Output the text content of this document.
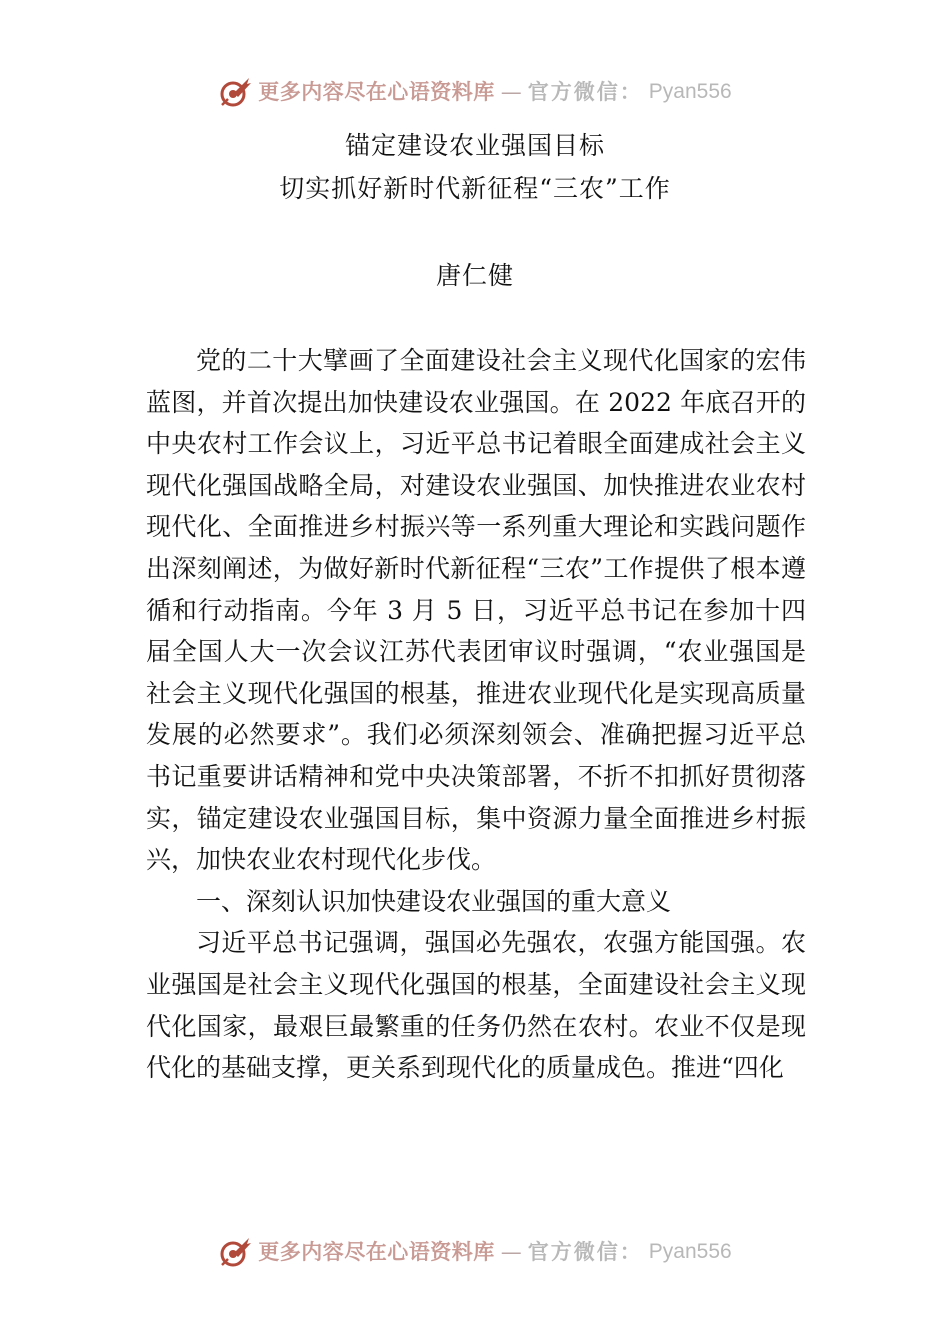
更多内容尽在心语资料库 — 官方微信： Pyan556
锚定建设农业强国目标
切实抓好新时代新征程“三农”工作
唐仁健

党的二十大擘画了全面建设社会主义现代化国家的宏伟蓝图，并首次提出加快建设农业强国。在 2022 年底召开的中央农村工作会议上，习近平总书记着眼全面建成社会主义现代化强国战略全局，对建设农业强国、加快推进农业农村现代化、全面推进乡村振兴等一系列重大理论和实践问题作出深刻阐述，为做好新时代新征程“三农”工作提供了根本遵循和行动指南。今年 3 月 5 日，习近平总书记在参加十四届全国人大一次会议江苏代表团审议时强调，“农业强国是社会主义现代化强国的根基，推进农业现代化是实现高质量发展的必然要求”。我们必须深刻领会、准确把握习近平总书记重要讲话精神和党中央决策部署，不折不扣抓好贯彻落实，锚定建设农业强国目标，集中资源力量全面推进乡村振兴，加快农业农村现代化步伐。

一、深刻认识加快建设农业强国的重大意义

习近平总书记强调，强国必先强农，农强方能国强。农业强国是社会主义现代化强国的根基，全面建设社会主义现代化国家，最艰巨最繁重的任务仍然在农村。农业不仅是现代化的基础支撑，更关系到现代化的质量成色。推进“四化

更多内容尽在心语资料库 — 官方微信： Pyan556
